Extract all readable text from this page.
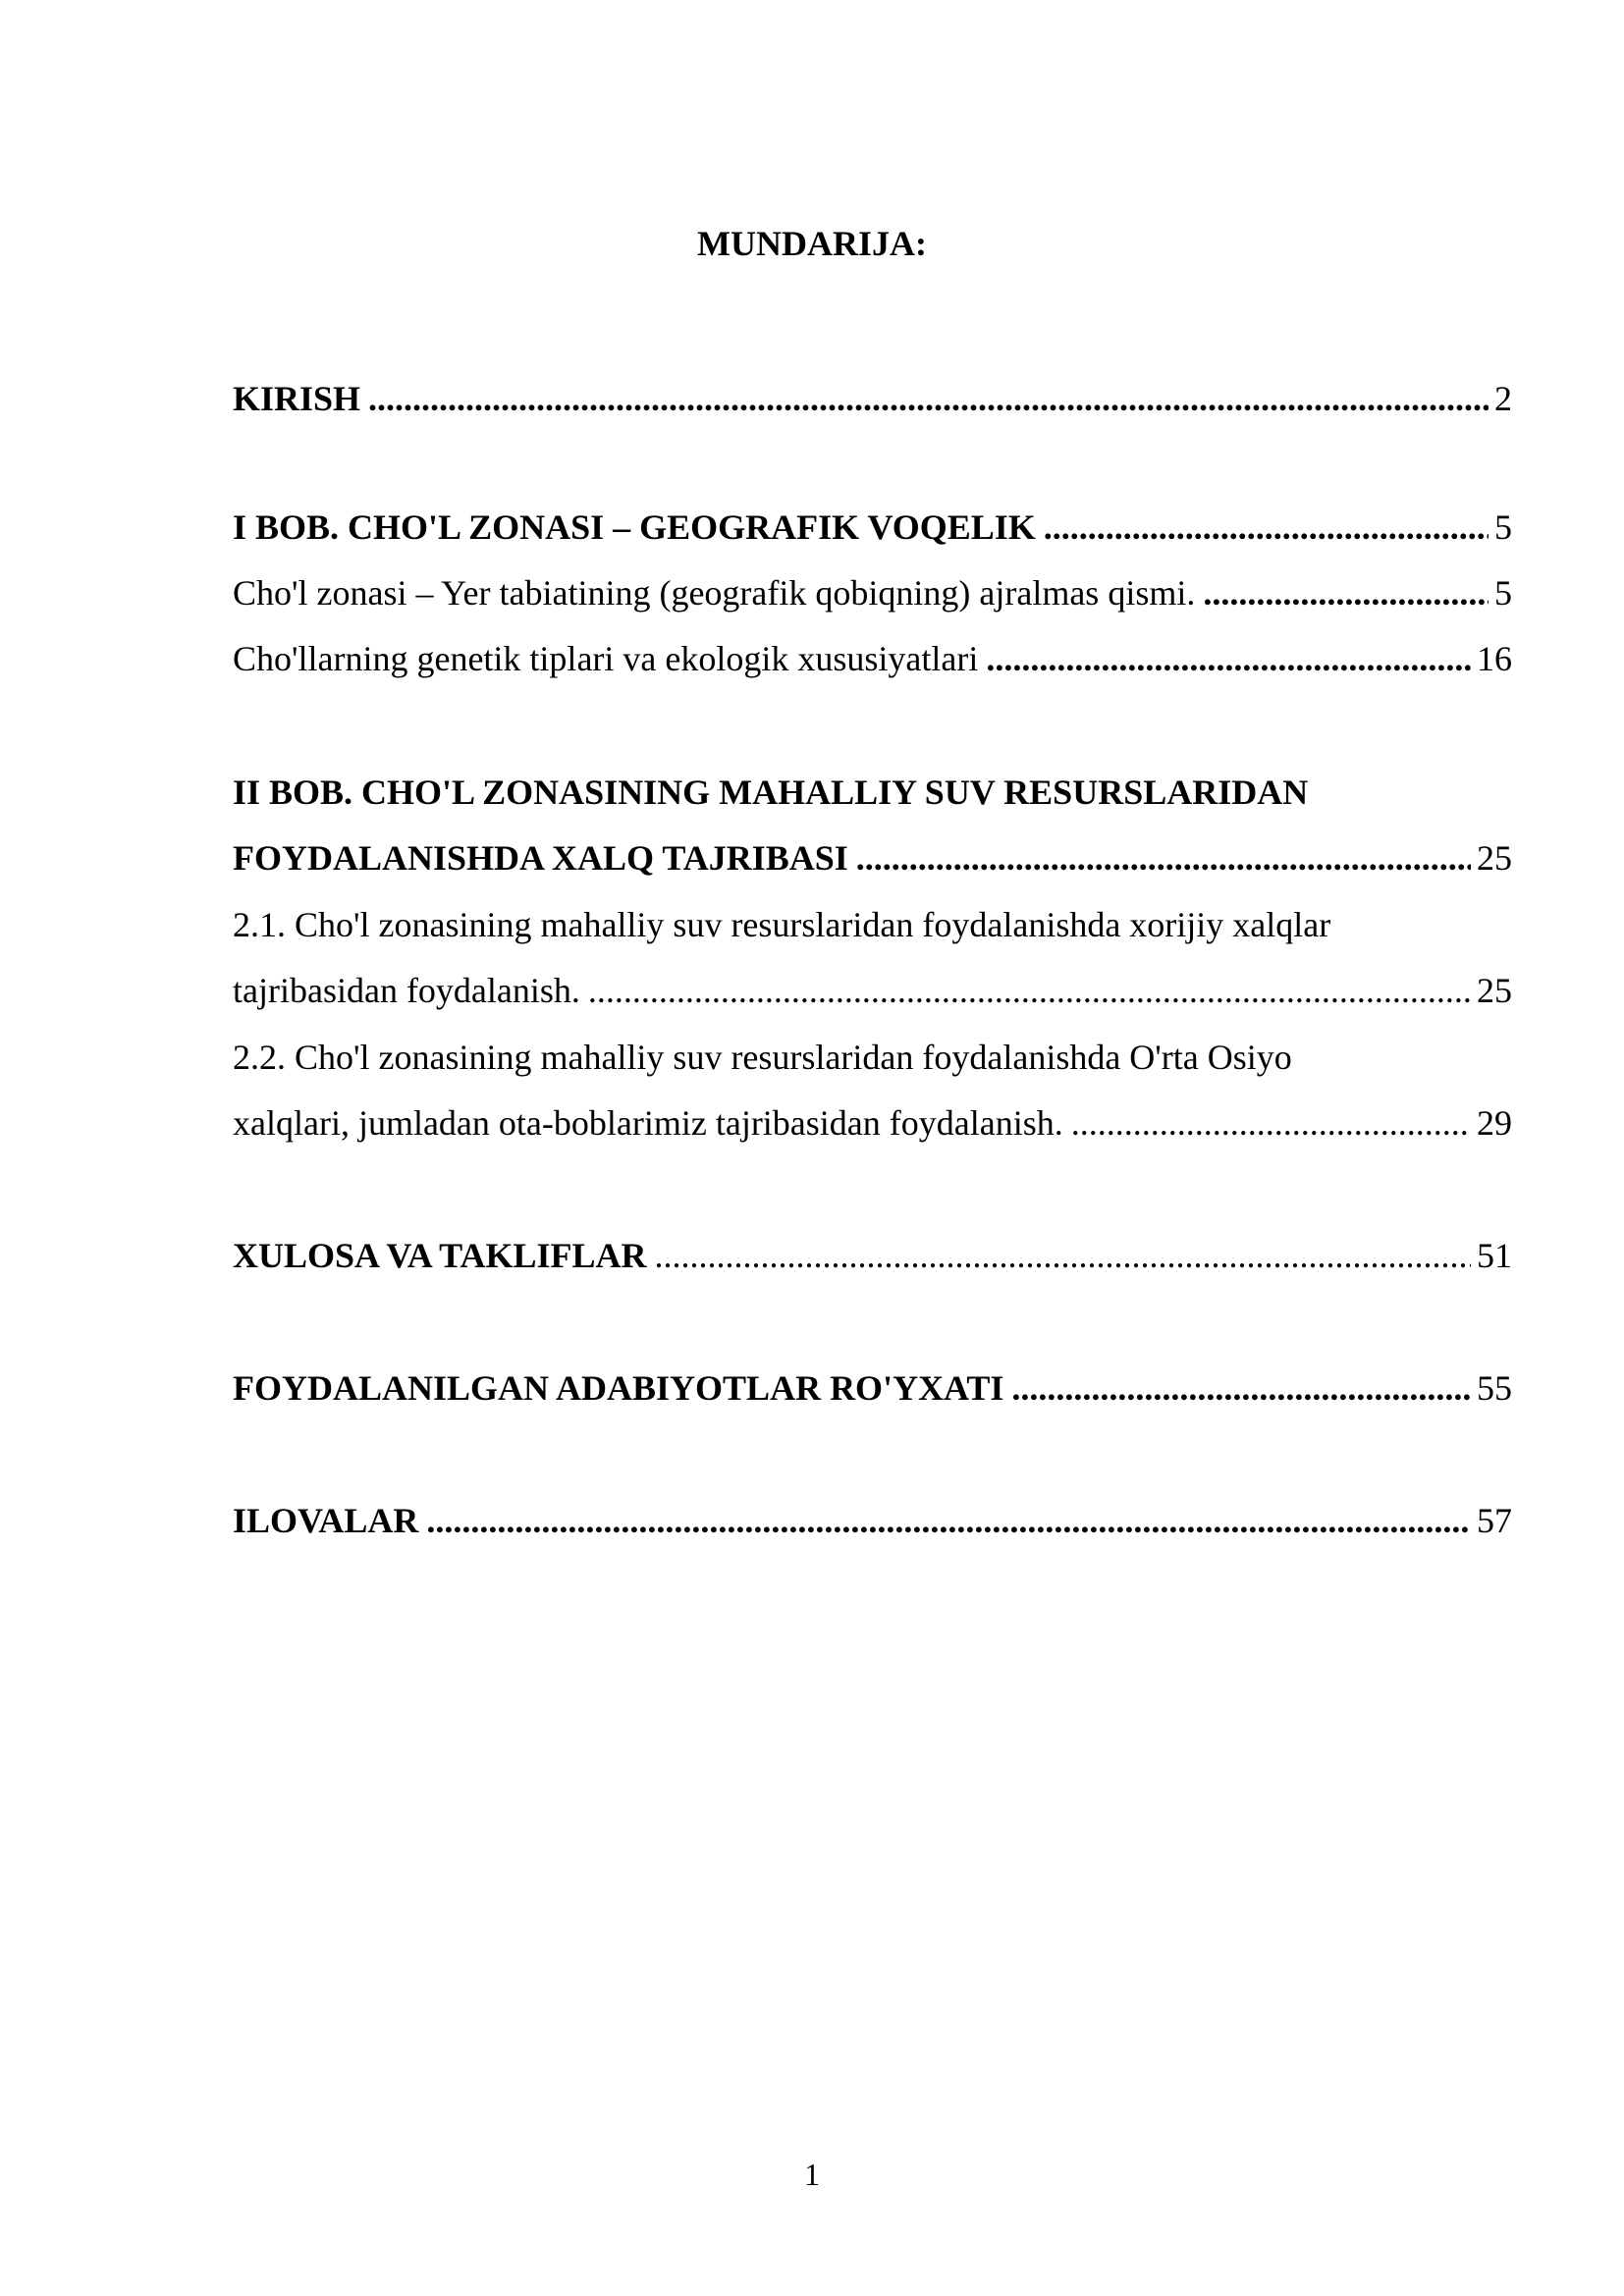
MUNDARIJA:
KIRISH .....	2
I BOB. CHO'L ZONASI – GEOGRAFIK VOQELIK .....	5
Cho'l zonasi – Yer tabiatining (geografik qobiqning) ajralmas qismi. .....	5
Cho'llarning genetik tiplari va ekologik xususiyatlari .....	16
II BOB. CHO'L ZONASINING MAHALLIY SUV RESURSLARIDAN
FOYDALANISHDA XALQ TAJRIBASI .....	25
2.1. Cho'l zonasining mahalliy suv resurslaridan foydalanishda xorijiy xalqlar
tajribasidan foydalanish. .....	25
2.2. Cho'l zonasining mahalliy suv resurslaridan foydalanishda O'rta Osiyo
xalqlari, jumladan ota-boblarimiz tajribasidan foydalanish. .....	29
XULOSA VA TAKLIFLAR .....	51
FOYDALANILGAN ADABIYOTLAR RO'YXATI .....	55
ILOVALAR .....	57
1
